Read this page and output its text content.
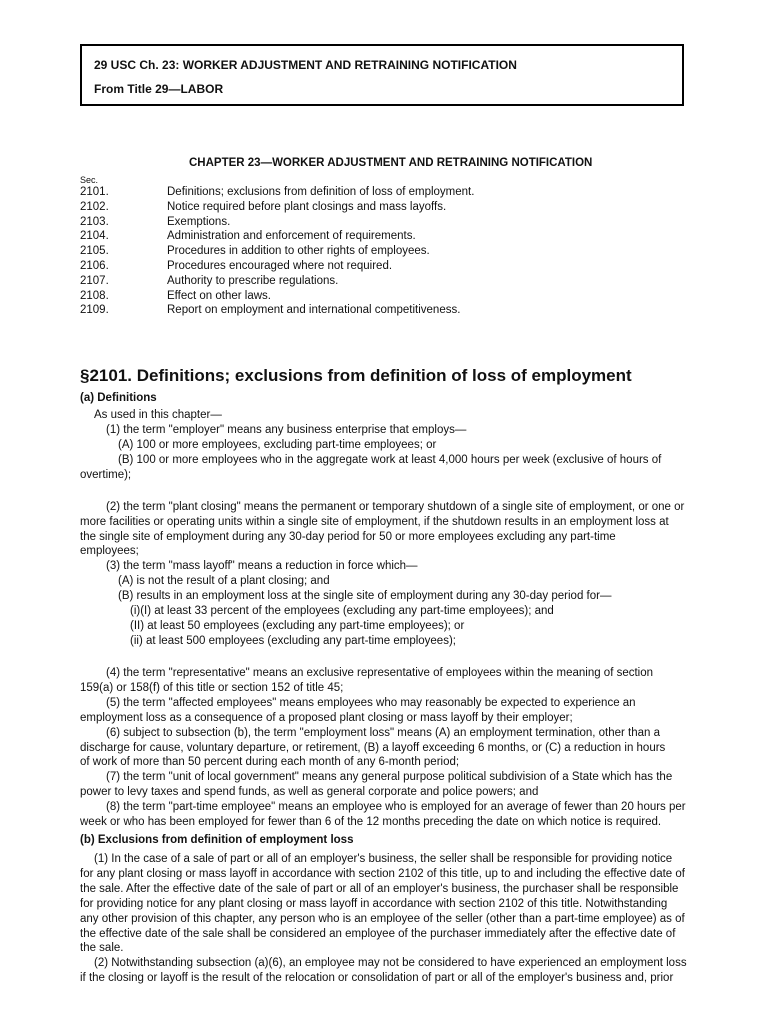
29 USC Ch. 23: WORKER ADJUSTMENT AND RETRAINING NOTIFICATION
From Title 29—LABOR
CHAPTER 23—WORKER ADJUSTMENT AND RETRAINING NOTIFICATION
Sec.
2101.	Definitions; exclusions from definition of loss of employment.
2102.	Notice required before plant closings and mass layoffs.
2103.	Exemptions.
2104.	Administration and enforcement of requirements.
2105.	Procedures in addition to other rights of employees.
2106.	Procedures encouraged where not required.
2107.	Authority to prescribe regulations.
2108.	Effect on other laws.
2109.	Report on employment and international competitiveness.
§2101. Definitions; exclusions from definition of loss of employment
(a) Definitions
As used in this chapter—
(1) the term "employer" means any business enterprise that employs—
(A) 100 or more employees, excluding part-time employees; or
(B) 100 or more employees who in the aggregate work at least 4,000 hours per week (exclusive of hours of
overtime);
(2) the term "plant closing" means the permanent or temporary shutdown of a single site of employment, or one or
more facilities or operating units within a single site of employment, if the shutdown results in an employment loss at
the single site of employment during any 30-day period for 50 or more employees excluding any part-time
employees;
(3) the term "mass layoff" means a reduction in force which—
(A) is not the result of a plant closing; and
(B) results in an employment loss at the single site of employment during any 30-day period for—
(i)(I) at least 33 percent of the employees (excluding any part-time employees); and
(II) at least 50 employees (excluding any part-time employees); or
(ii) at least 500 employees (excluding any part-time employees);
(4) the term "representative" means an exclusive representative of employees within the meaning of section
159(a) or 158(f) of this title or section 152 of title 45;
(5) the term "affected employees" means employees who may reasonably be expected to experience an
employment loss as a consequence of a proposed plant closing or mass layoff by their employer;
(6) subject to subsection (b), the term "employment loss" means (A) an employment termination, other than a
discharge for cause, voluntary departure, or retirement, (B) a layoff exceeding 6 months, or (C) a reduction in hours
of work of more than 50 percent during each month of any 6-month period;
(7) the term "unit of local government" means any general purpose political subdivision of a State which has the
power to levy taxes and spend funds, as well as general corporate and police powers; and
(8) the term "part-time employee" means an employee who is employed for an average of fewer than 20 hours per
week or who has been employed for fewer than 6 of the 12 months preceding the date on which notice is required.
(b) Exclusions from definition of employment loss
(1) In the case of a sale of part or all of an employer's business, the seller shall be responsible for providing notice
for any plant closing or mass layoff in accordance with section 2102 of this title, up to and including the effective date of
the sale. After the effective date of the sale of part or all of an employer's business, the purchaser shall be responsible
for providing notice for any plant closing or mass layoff in accordance with section 2102 of this title. Notwithstanding
any other provision of this chapter, any person who is an employee of the seller (other than a part-time employee) as of
the effective date of the sale shall be considered an employee of the purchaser immediately after the effective date of
the sale.
(2) Notwithstanding subsection (a)(6), an employee may not be considered to have experienced an employment loss
if the closing or layoff is the result of the relocation or consolidation of part or all of the employer's business and, prior
